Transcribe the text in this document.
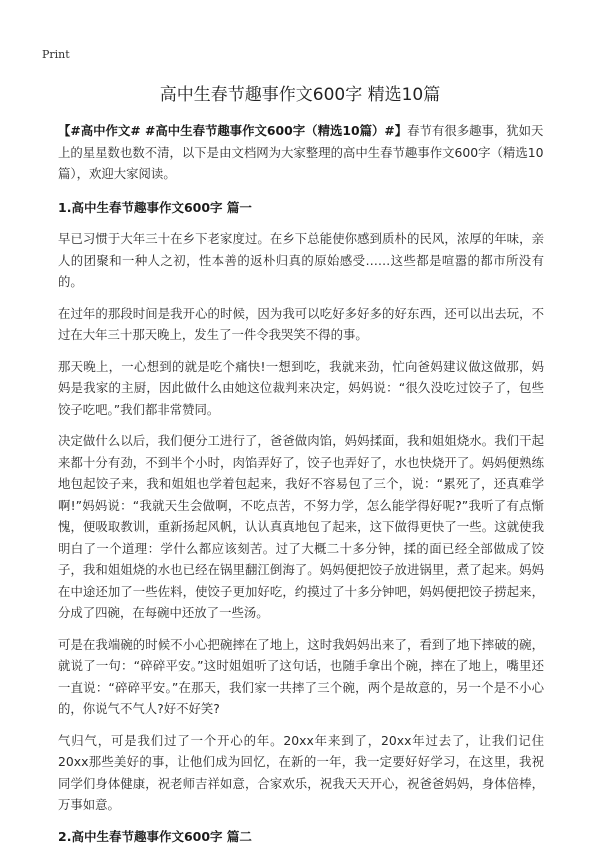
Print
高中生春节趣事作文600字 精选10篇

【#高中作文# #高中生春节趣事作文600字（精选10篇）#】春节有很多趣事，犹如天上的星星数也数不清，以下是由文档网为大家整理的高中生春节趣事作文600字（精选10篇），欢迎大家阅读。

1.高中生春节趣事作文600字 篇一

早已习惯于大年三十在乡下老家度过。在乡下总能使你感到质朴的民风，浓厚的年味，亲人的团聚和一种人之初，性本善的返朴归真的原始感受……这些都是喧嚣的都市所没有的。

在过年的那段时间是我开心的时候，因为我可以吃好多好多的好东西，还可以出去玩，不过在大年三十那天晚上，发生了一件令我哭笑不得的事。

那天晚上，一心想到的就是吃个痛快!一想到吃，我就来劲，忙向爸妈建议做这做那，妈妈是我家的主厨，因此做什么由她这位裁判来决定，妈妈说：“很久没吃过饺子了，包些饺子吃吧。”我们都非常赞同。

决定做什么以后，我们便分工进行了，爸爸做肉馅，妈妈揉面，我和姐姐烧水。我们干起来都十分有劲，不到半个小时，肉馅弄好了，饺子也弄好了，水也快烧开了。妈妈便熟练地包起饺子来，我和姐姐也学着包起来，我好不容易包了三个，说：“累死了，还真难学啊!”妈妈说：“我就天生会做啊，不吃点苦，不努力学，怎么能学得好呢?”我听了有点惭愧，便吸取教训，重新扬起风帆，认认真真地包了起来，这下做得更快了一些。这就使我明白了一个道理：学什么都应该刻苦。过了大概二十多分钟，揉的面已经全部做成了饺子，我和姐姐烧的水也已经在锅里翻江倒海了。妈妈便把饺子放进锅里，煮了起来。妈妈在中途还加了一些佐料，使饺子更加好吃，约摸过了十多分钟吧，妈妈便把饺子捞起来，分成了四碗，在每碗中还放了一些汤。

可是在我端碗的时候不小心把碗摔在了地上，这时我妈妈出来了，看到了地下摔破的碗，就说了一句：“碎碎平安。”这时姐姐听了这句话，也随手拿出个碗，摔在了地上，嘴里还一直说：“碎碎平安。”在那天，我们家一共摔了三个碗，两个是故意的，另一个是不小心的，你说气不气人?好不好笑?

气归气，可是我们过了一个开心的年。20xx年来到了，20xx年过去了，让我们记住20xx那些美好的事，让他们成为回忆，在新的一年，我一定要好好学习，在这里，我祝同学们身体健康，祝老师吉祥如意，合家欢乐，祝我天天开心，祝爸爸妈妈，身体倍棒，万事如意。

2.高中生春节趣事作文600字 篇二
